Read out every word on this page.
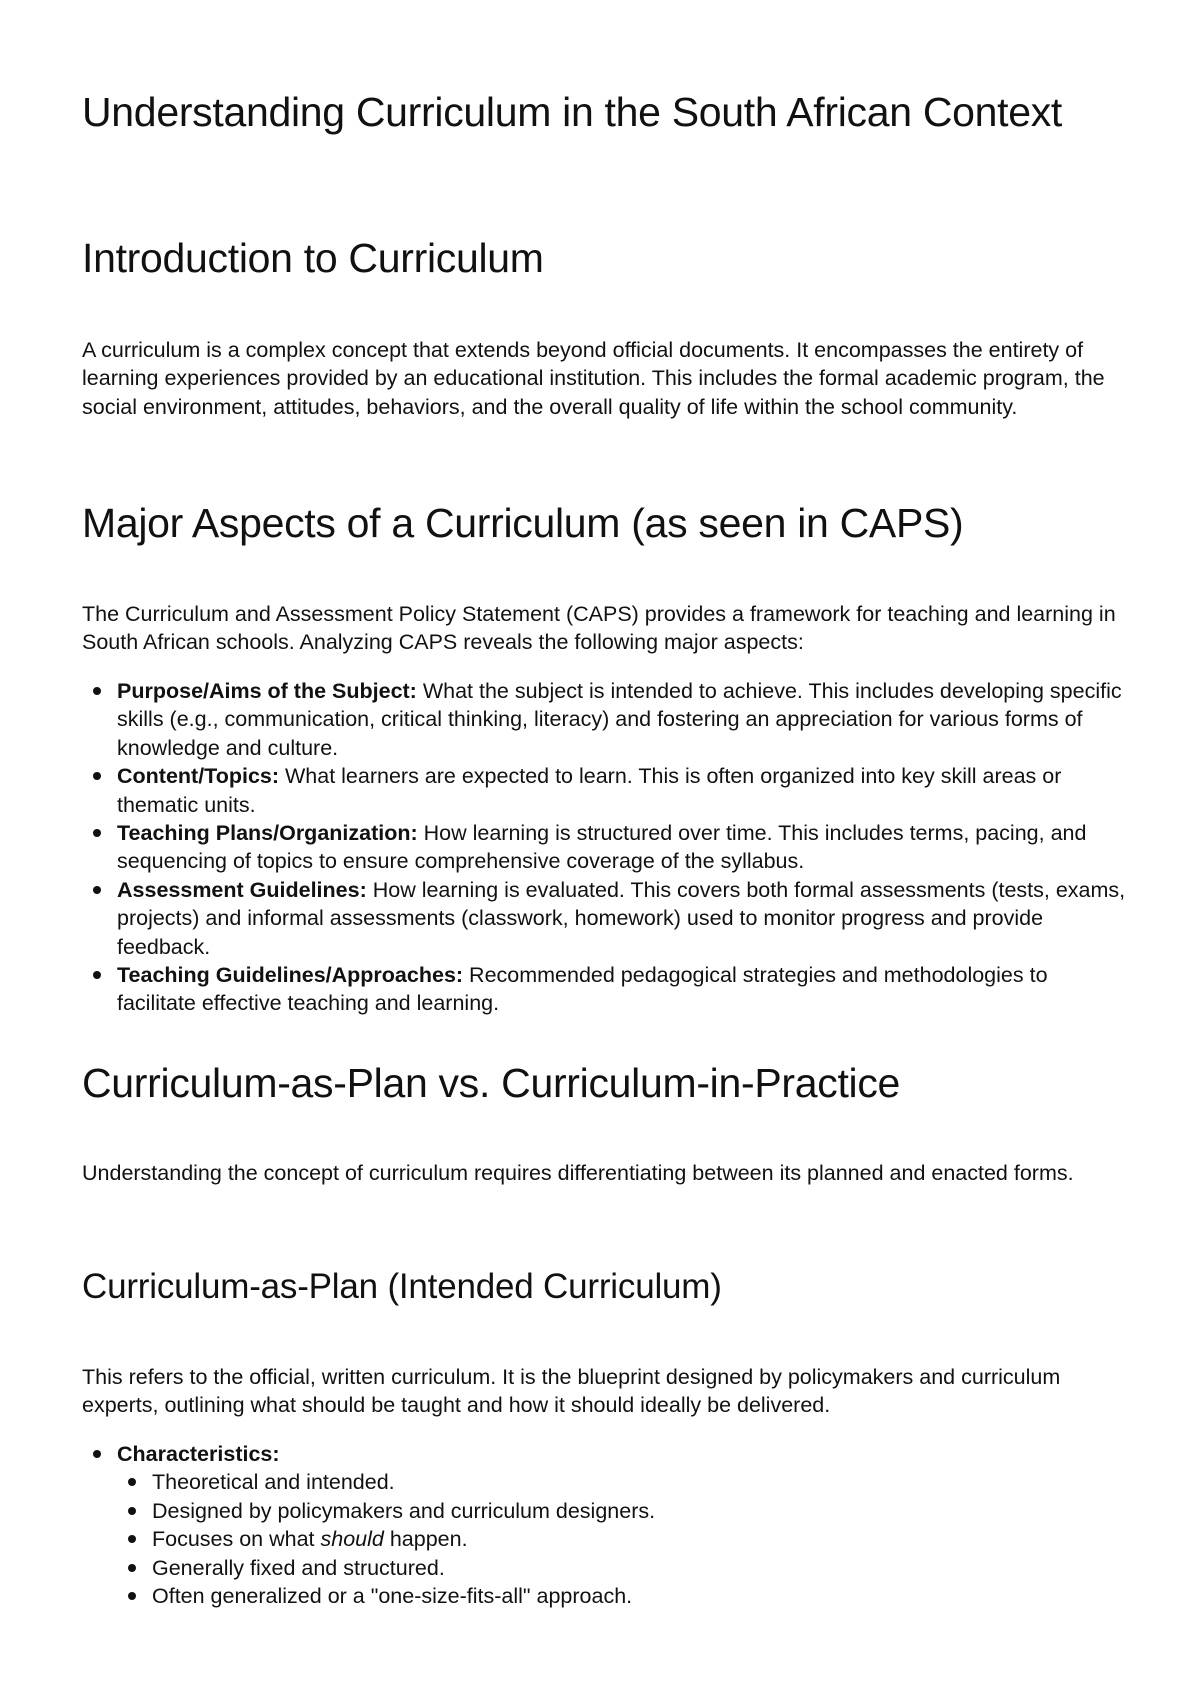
Understanding Curriculum in the South African Context
Introduction to Curriculum

A curriculum is a complex concept that extends beyond official documents. It encompasses the entirety of learning experiences provided by an educational institution. This includes the formal academic program, the social environment, attitudes, behaviors, and the overall quality of life within the school community.

Major Aspects of a Curriculum (as seen in CAPS)

The Curriculum and Assessment Policy Statement (CAPS) provides a framework for teaching and learning in South African schools. Analyzing CAPS reveals the following major aspects:

Purpose/Aims of the Subject: What the subject is intended to achieve. This includes developing specific skills (e.g., communication, critical thinking, literacy) and fostering an appreciation for various forms of knowledge and culture.
Content/Topics: What learners are expected to learn. This is often organized into key skill areas or thematic units.
Teaching Plans/Organization: How learning is structured over time. This includes terms, pacing, and sequencing of topics to ensure comprehensive coverage of the syllabus.
Assessment Guidelines: How learning is evaluated. This covers both formal assessments (tests, exams, projects) and informal assessments (classwork, homework) used to monitor progress and provide feedback.
Teaching Guidelines/Approaches: Recommended pedagogical strategies and methodologies to facilitate effective teaching and learning.
Curriculum-as-Plan vs. Curriculum-in-Practice

Understanding the concept of curriculum requires differentiating between its planned and enacted forms.

Curriculum-as-Plan (Intended Curriculum)

This refers to the official, written curriculum. It is the blueprint designed by policymakers and curriculum experts, outlining what should be taught and how it should ideally be delivered.

Characteristics:
Theoretical and intended.
Designed by policymakers and curriculum designers.
Focuses on what should happen.
Generally fixed and structured.
Often generalized or a "one-size-fits-all" approach.
